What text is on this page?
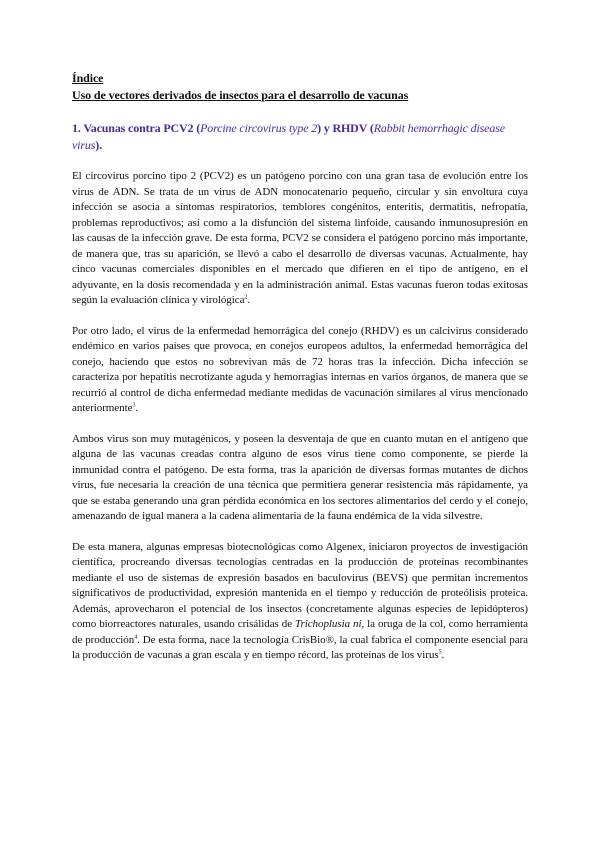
Índice
Uso de vectores derivados de insectos para el desarrollo de vacunas
1. Vacunas contra PCV2 (Porcine circovirus type 2) y RHDV (Rabbit hemorrhagic disease virus).

El circovirus porcino tipo 2 (PCV2) es un patógeno porcino con una gran tasa de evolución entre los virus de ADN. Se trata de un virus de ADN monocatenario pequeño, circular y sin envoltura cuya infección se asocia a síntomas respiratorios, temblores congénitos, enteritis, dermatitis, nefropatía, problemas reproductivos; así como a la disfunción del sistema linfoide, causando inmunosupresión en las causas de la infección grave. De esta forma, PCV2 se considera el patógeno porcino más importante, de manera que, tras su aparición, se llevó a cabo el desarrollo de diversas vacunas. Actualmente, hay cinco vacunas comerciales disponibles en el mercado que difieren en el tipo de antígeno, en el adyuvante, en la dosis recomendada y en la administración animal. Estas vacunas fueron todas exitosas según la evaluación clínica y virológica$^2$.

Por otro lado, el virus de la enfermedad hemorrágica del conejo (RHDV) es un calcivirus considerado endémico en varios países que provoca, en conejos europeos adultos, la enfermedad hemorrágica del conejo, haciendo que estos no sobrevivan más de 72 horas tras la infección. Dicha infección se caracteriza por hepatitis necrotizante aguda y hemorragias internas en varios órganos, de manera que se recurrió al control de dicha enfermedad mediante medidas de vacunación similares al virus mencionado anteriormente$^3$.

Ambos virus son muy mutagénicos, y poseen la desventaja de que en cuanto mutan en el antígeno que alguna de las vacunas creadas contra alguno de esos virus tiene como componente, se pierde la inmunidad contra el patógeno. De esta forma, tras la aparición de diversas formas mutantes de dichos virus, fue necesaria la creación de una técnica que permitiera generar resistencia más rápidamente, ya que se estaba generando una gran pérdida económica en los sectores alimentarios del cerdo y el conejo, amenazando de igual manera a la cadena alimentaria de la fauna endémica de la vida silvestre.

De esta manera, algunas empresas biotecnológicas como Algenex, iniciaron proyectos de investigación científica, procreando diversas tecnologías centradas en la producción de proteínas recombinantes mediante el uso de sistemas de expresión basados en baculovirus (BEVS) que permitan incrementos significativos de productividad, expresión mantenida en el tiempo y reducción de proteólisis proteica. Además, aprovecharon el potencial de los insectos (concretamente algunas especies de lepidópteros) como biorreactores naturales, usando crisálidas de Trichoplusia ni, la oruga de la col, como herramienta de producción$^4$. De esta forma, nace la tecnología CrisBio®, la cual fabrica el componente esencial para la producción de vacunas a gran escala y en tiempo récord, las proteínas de los virus$^5$.
